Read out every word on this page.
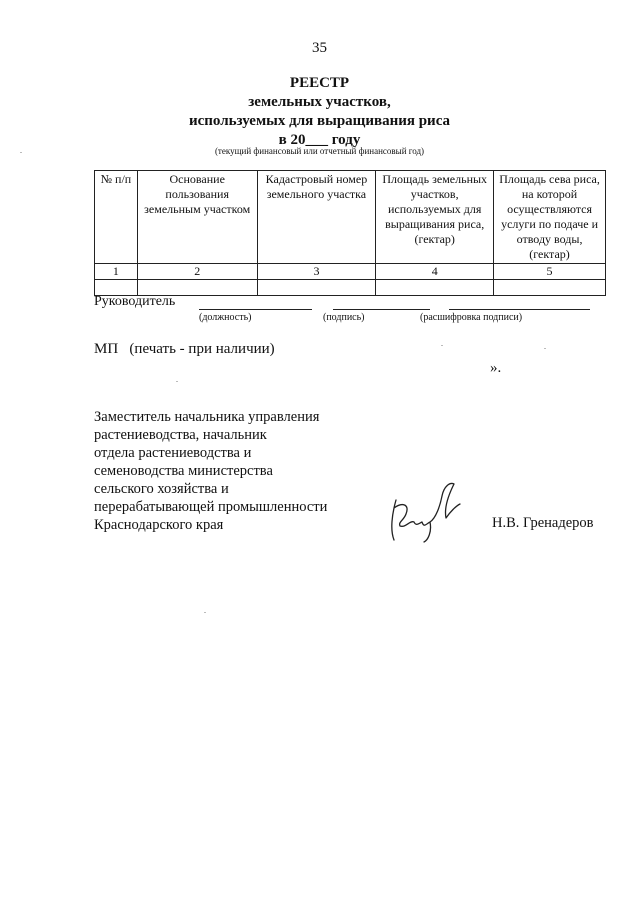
35
РЕЕСТР
земельных участков,
используемых для выращивания риса
в 20___ году
(текущий финансовый или отчетный финансовый год)
№ п/п	Основание пользования земельным участком	Кадастровый номер земельного участка	Площадь земельных участков, используемых для выращивания риса, (гектар)	Площадь сева риса, на которой осуществляются услуги по подаче и отводу воды, (гектар)
1	2	3	4	5

Руководитель
(должность)	(подпись)	(расшифровка подписи)
МП   (печать - при наличии)
».
Заместитель начальника управления
растениеводства, начальник
отдела растениеводства и
семеноводства министерства
сельского хозяйства и
перерабатывающей промышленности
Краснодарского края	Н.В. Гренадеров
